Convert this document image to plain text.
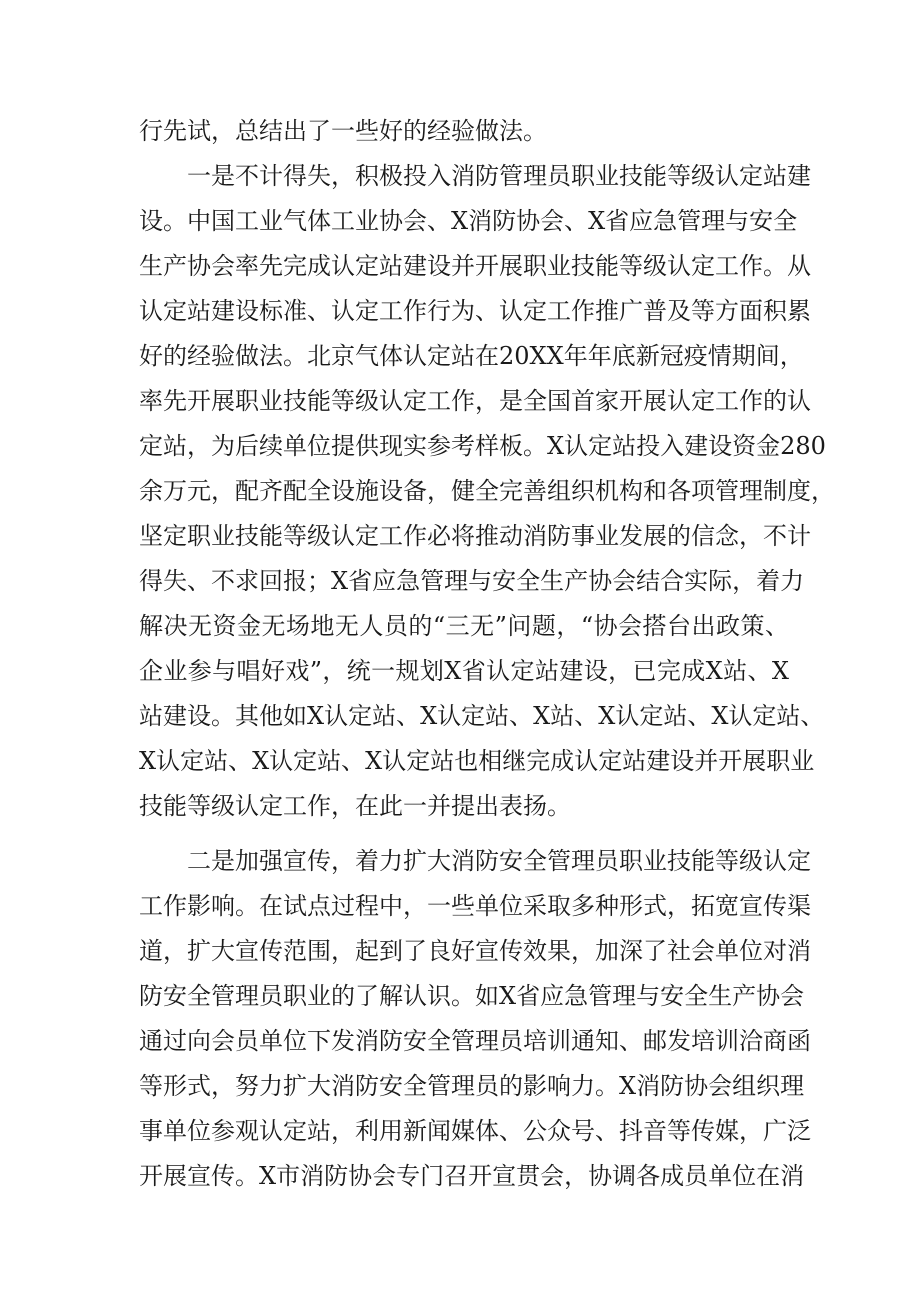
行先试，总结出了一些好的经验做法。
一是不计得失，积极投入消防管理员职业技能等级认定站建
设。中国工业气体工业协会、X消防协会、X省应急管理与安全
生产协会率先完成认定站建设并开展职业技能等级认定工作。从
认定站建设标准、认定工作行为、认定工作推广普及等方面积累
好的经验做法。北京气体认定站在20XX年年底新冠疫情期间，
率先开展职业技能等级认定工作，是全国首家开展认定工作的认
定站，为后续单位提供现实参考样板。X认定站投入建设资金280
余万元，配齐配全设施设备，健全完善组织机构和各项管理制度，
坚定职业技能等级认定工作必将推动消防事业发展的信念，不计
得失、不求回报；X省应急管理与安全生产协会结合实际，着力
解决无资金无场地无人员的“三无”问题，“协会搭台出政策、
企业参与唱好戏”，统一规划X省认定站建设，已完成X站、X
站建设。其他如X认定站、X认定站、X站、X认定站、X认定站、
X认定站、X认定站、X认定站也相继完成认定站建设并开展职业
技能等级认定工作，在此一并提出表扬。
二是加强宣传，着力扩大消防安全管理员职业技能等级认定
工作影响。在试点过程中，一些单位采取多种形式，拓宽宣传渠
道，扩大宣传范围，起到了良好宣传效果，加深了社会单位对消
防安全管理员职业的了解认识。如X省应急管理与安全生产协会
通过向会员单位下发消防安全管理员培训通知、邮发培训洽商函
等形式，努力扩大消防安全管理员的影响力。X消防协会组织理
事单位参观认定站，利用新闻媒体、公众号、抖音等传媒，广泛
开展宣传。X市消防协会专门召开宣贯会，协调各成员单位在消
